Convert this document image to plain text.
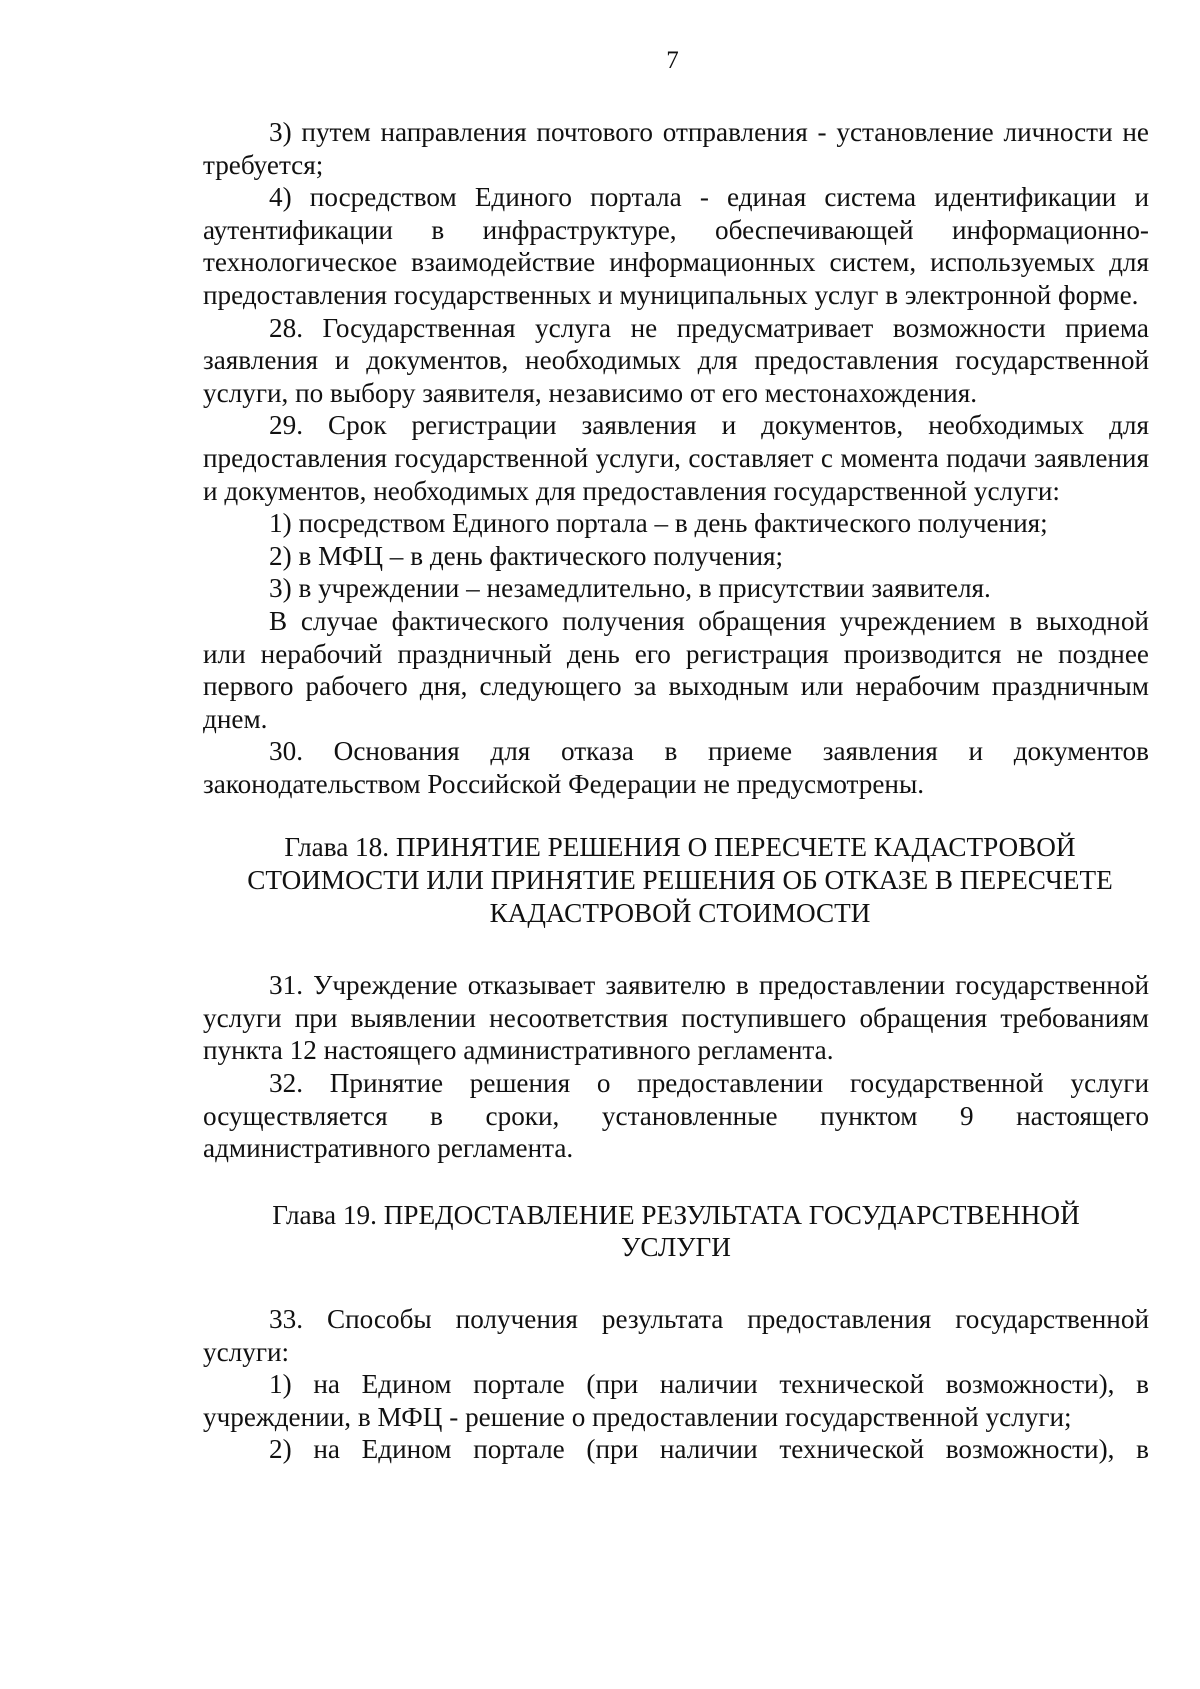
7

3) путем направления почтового отправления - установление личности не требуется;

4) посредством Единого портала - единая система идентификации и аутентификации в инфраструктуре, обеспечивающей информационно-технологическое взаимодействие информационных систем, используемых для предоставления государственных и муниципальных услуг в электронной форме.

28. Государственная услуга не предусматривает возможности приема заявления и документов, необходимых для предоставления государственной услуги, по выбору заявителя, независимо от его местонахождения.

29. Срок регистрации заявления и документов, необходимых для предоставления государственной услуги, составляет с момента подачи заявления и документов, необходимых для предоставления государственной услуги:

1) посредством Единого портала – в день фактического получения;

2) в МФЦ – в день фактического получения;

3) в учреждении – незамедлительно, в присутствии заявителя.

В случае фактического получения обращения учреждением в выходной или нерабочий праздничный день его регистрация производится не позднее первого рабочего дня, следующего за выходным или нерабочим праздничным днем.

30. Основания для отказа в приеме заявления и документов законодательством Российской Федерации не предусмотрены.

Глава 18. ПРИНЯТИЕ РЕШЕНИЯ О ПЕРЕСЧЕТЕ КАДАСТРОВОЙ
СТОИМОСТИ ИЛИ ПРИНЯТИЕ РЕШЕНИЯ ОБ ОТКАЗЕ В ПЕРЕСЧЕТЕ
КАДАСТРОВОЙ СТОИМОСТИ

31. Учреждение отказывает заявителю в предоставлении государственной услуги при выявлении несоответствия поступившего обращения требованиям пункта 12 настоящего административного регламента.

32. Принятие решения о предоставлении государственной услуги осуществляется в сроки, установленные пунктом 9 настоящего административного регламента.

Глава 19. ПРЕДОСТАВЛЕНИЕ РЕЗУЛЬТАТА ГОСУДАРСТВЕННОЙ
УСЛУГИ

33. Способы получения результата предоставления государственной услуги:

1) на Едином портале (при наличии технической возможности), в учреждении, в МФЦ - решение о предоставлении государственной услуги;

2) на Едином портале (при наличии технической возможности), в
